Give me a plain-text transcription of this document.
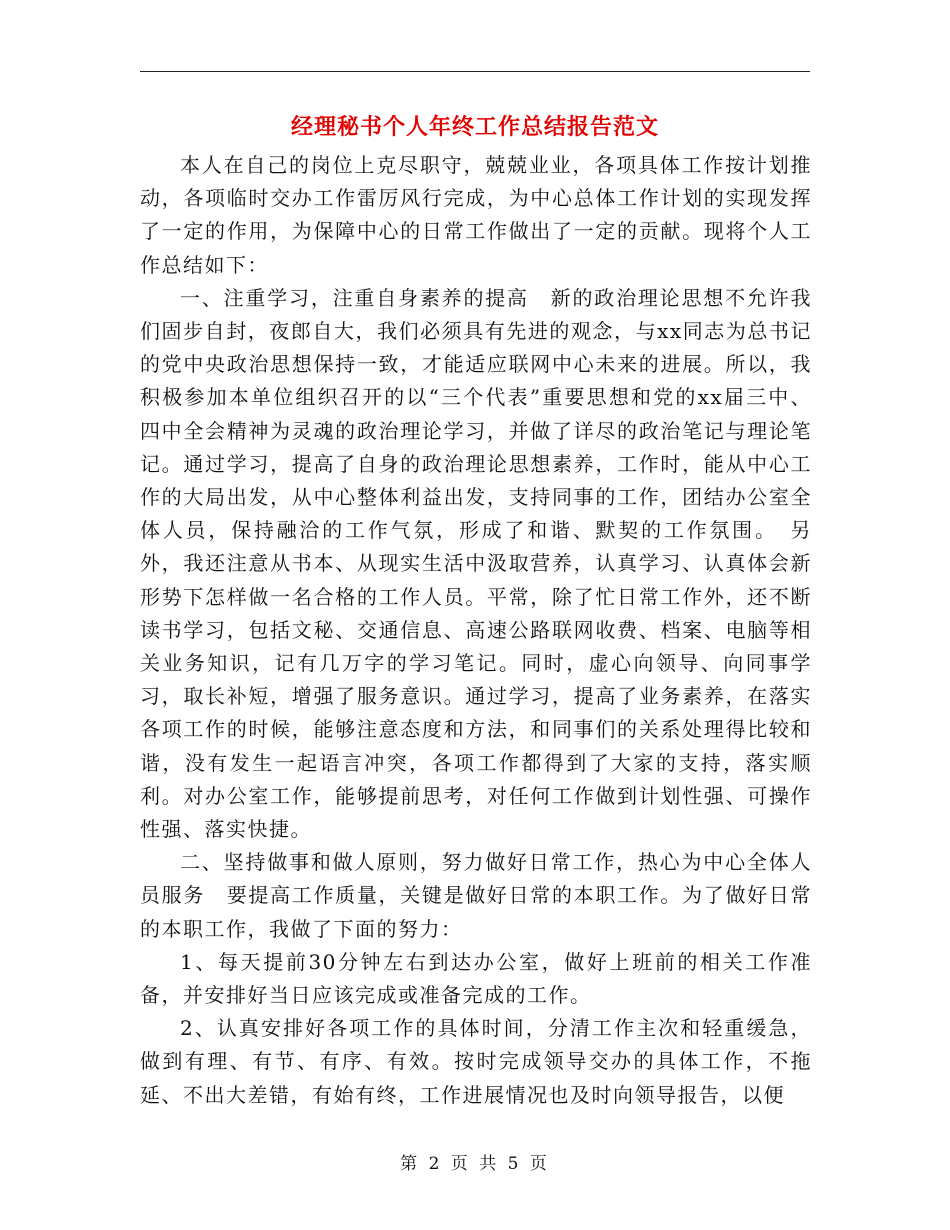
经理秘书个人年终工作总结报告范文

本人在自己的岗位上克尽职守，兢兢业业，各项具体工作按计划推动，各项临时交办工作雷厉风行完成，为中心总体工作计划的实现发挥了一定的作用，为保障中心的日常工作做出了一定的贡献。现将个人工作总结如下：

一、注重学习，注重自身素养的提高　新的政治理论思想不允许我们固步自封，夜郎自大，我们必须具有先进的观念，与xx同志为总书记的党中央政治思想保持一致，才能适应联网中心未来的进展。所以，我积极参加本单位组织召开的以“三个代表”重要思想和党的xx届三中、四中全会精神为灵魂的政治理论学习，并做了详尽的政治笔记与理论笔记。通过学习，提高了自身的政治理论思想素养，工作时，能从中心工作的大局出发，从中心整体利益出发，支持同事的工作，团结办公室全体人员，保持融洽的工作气氛，形成了和谐、默契的工作氛围。　另外，我还注意从书本、从现实生活中汲取营养，认真学习、认真体会新形势下怎样做一名合格的工作人员。平常，除了忙日常工作外，还不断读书学习，包括文秘、交通信息、高速公路联网收费、档案、电脑等相关业务知识，记有几万字的学习笔记。同时，虚心向领导、向同事学习，取长补短，增强了服务意识。通过学习，提高了业务素养，在落实各项工作的时候，能够注意态度和方法，和同事们的关系处理得比较和谐，没有发生一起语言冲突，各项工作都得到了大家的支持，落实顺利。对办公室工作，能够提前思考，对任何工作做到计划性强、可操作性强、落实快捷。

二、坚持做事和做人原则，努力做好日常工作，热心为中心全体人员服务　要提高工作质量，关键是做好日常的本职工作。为了做好日常的本职工作，我做了下面的努力：

1、每天提前30分钟左右到达办公室，做好上班前的相关工作准备，并安排好当日应该完成或准备完成的工作。

2、认真安排好各项工作的具体时间，分清工作主次和轻重缓急，做到有理、有节、有序、有效。按时完成领导交办的具体工作，不拖延、不出大差错，有始有终，工作进展情况也及时向领导报告，以便

第 2 页 共 5 页
